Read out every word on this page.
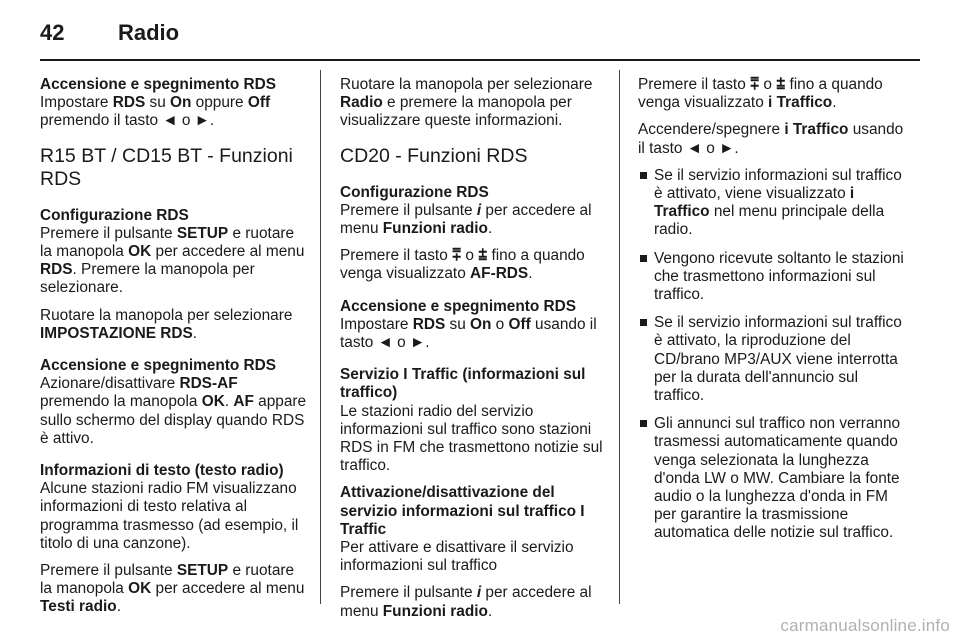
42	Radio
Accensione e spegnimento RDS

Impostare RDS su On oppure Off premendo il tasto ◄ o ►.

R15 BT / CD15 BT - Funzioni RDS
Configurazione RDS

Premere il pulsante SETUP e ruotare la manopola OK per accedere al menu RDS. Premere la manopola per selezionare.

Ruotare la manopola per selezionare IMPOSTAZIONE RDS.

Accensione e spegnimento RDS

Azionare/disattivare RDS-AF premendo la manopola OK. AF appare sullo schermo del display quando RDS è attivo.

Informazioni di testo (testo radio)

Alcune stazioni radio FM visualizzano informazioni di testo relativa al programma trasmesso (ad esempio, il titolo di una canzone).

Premere il pulsante SETUP e ruotare la manopola OK per accedere al menu Testi radio.

Ruotare la manopola per selezionare Radio e premere la manopola per visualizzare queste informazioni.

CD20 - Funzioni RDS
Configurazione RDS

Premere il pulsante i per accedere al menu Funzioni radio.

Premere il tasto ⩱ o ⩲ fino a quando venga visualizzato AF-RDS.

Accensione e spegnimento RDS

Impostare RDS su On o Off usando il tasto ◄ o ►.

Servizio I Traffic (informazioni sul traffico)

Le stazioni radio del servizio informazioni sul traffico sono stazioni RDS in FM che trasmettono notizie sul traffico.

Attivazione/disattivazione del servizio informazioni sul traffico I Traffic

Per attivare e disattivare il servizio informazioni sul traffico

Premere il pulsante i per accedere al menu Funzioni radio.

Premere il tasto ⩱ o ⩲ fino a quando venga visualizzato i Traffico.

Accendere/spegnere i Traffico usando il tasto ◄ o ►.

Se il servizio informazioni sul traffico è attivato, viene visualizzato i Traffico nel menu principale della radio.
Vengono ricevute soltanto le stazioni che trasmettono informazioni sul traffico.
Se il servizio informazioni sul traffico è attivato, la riproduzione del CD/brano MP3/AUX viene interrotta per la durata dell'annuncio sul traffico.
Gli annunci sul traffico non verranno trasmessi automaticamente quando venga selezionata la lunghezza d'onda LW o MW. Cambiare la fonte audio o la lunghezza d'onda in FM per garantire la trasmissione automatica delle notizie sul traffico.
carmanualsonline.info
